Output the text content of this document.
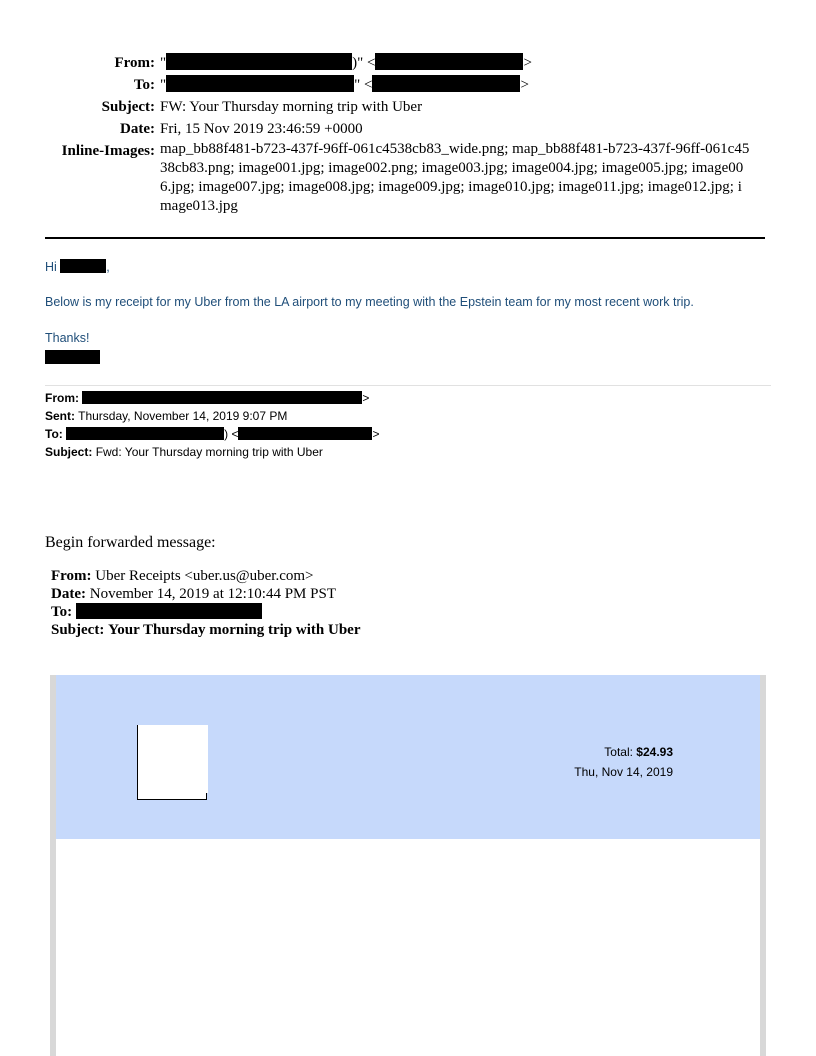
From: "	)" <	>
To: "	" <	>
Subject: FW: Your Thursday morning trip with Uber
Date: Fri, 15 Nov 2019 23:46:59 +0000
Inline-Images: map_bb88f481-b723-437f-96ff-061c4538cb83_wide.png; map_bb88f481-b723-437f-96ff-061c4538cb83.png; image001.jpg; image002.png; image003.jpg; image004.jpg; image005.jpg; image006.jpg; image007.jpg; image008.jpg; image009.jpg; image010.jpg; image011.jpg; image012.jpg; image013.jpg
Hi	,
Below is my receipt for my Uber from the LA airport to my meeting with the Epstein team for my most recent work trip.
Thanks!
From:	>
Sent: Thursday, November 14, 2019 9:07 PM
To:	) <	>
Subject: Fwd: Your Thursday morning trip with Uber
Begin forwarded message:
From: Uber Receipts <uber.us@uber.com>
Date: November 14, 2019 at 12:10:44 PM PST
To:
Subject: Your Thursday morning trip with Uber
Total: $24.93
Thu, Nov 14, 2019
